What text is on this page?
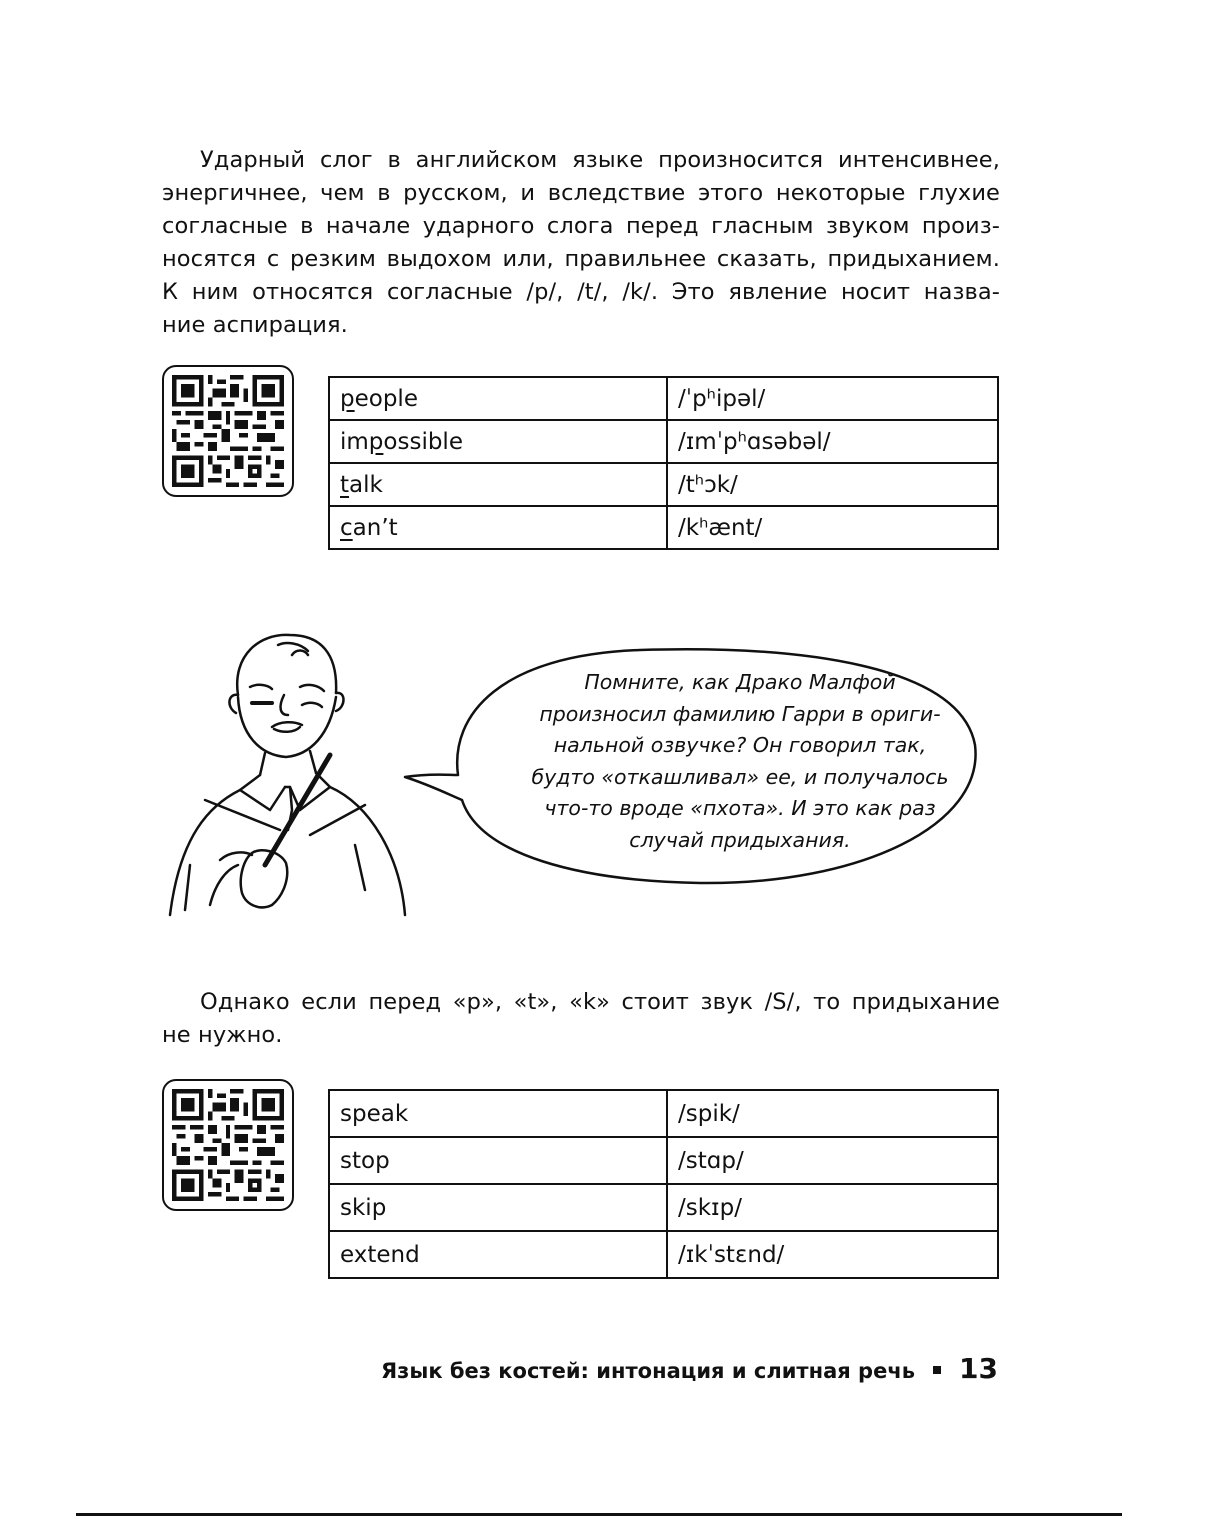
Ударный слог в английском языке произносится интенсивнее,
энергичнее, чем в русском, и вследствие этого некоторые глухие
согласные в начале ударного слога перед гласным звуком произ-
носятся с резким выдохом или, правильнее сказать, придыханием.
К ним относятся согласные /p/, /t/, /k/. Это явление носит назва-
ние аспирация.
people	/ˈpʰipəl/
impossible	/ɪmˈpʰɑsəbəl/
talk	/tʰɔk/
can’t	/kʰænt/
Помните, как Драко Малфой
произносил фамилию Гарри в ориги-
нальной озвучке? Он говорил так,
будто «откашливал» ее, и получалось
что-то вроде «пхота». И это как раз
случай придыхания.
Однако если перед «p», «t», «k» стоит звук /S/, то придыхание
не нужно.
speak	/spik/
stop	/stɑp/
skip	/skɪp/
extend	/ɪkˈstɛnd/
Язык без костей: интонация и слитная речь 13
